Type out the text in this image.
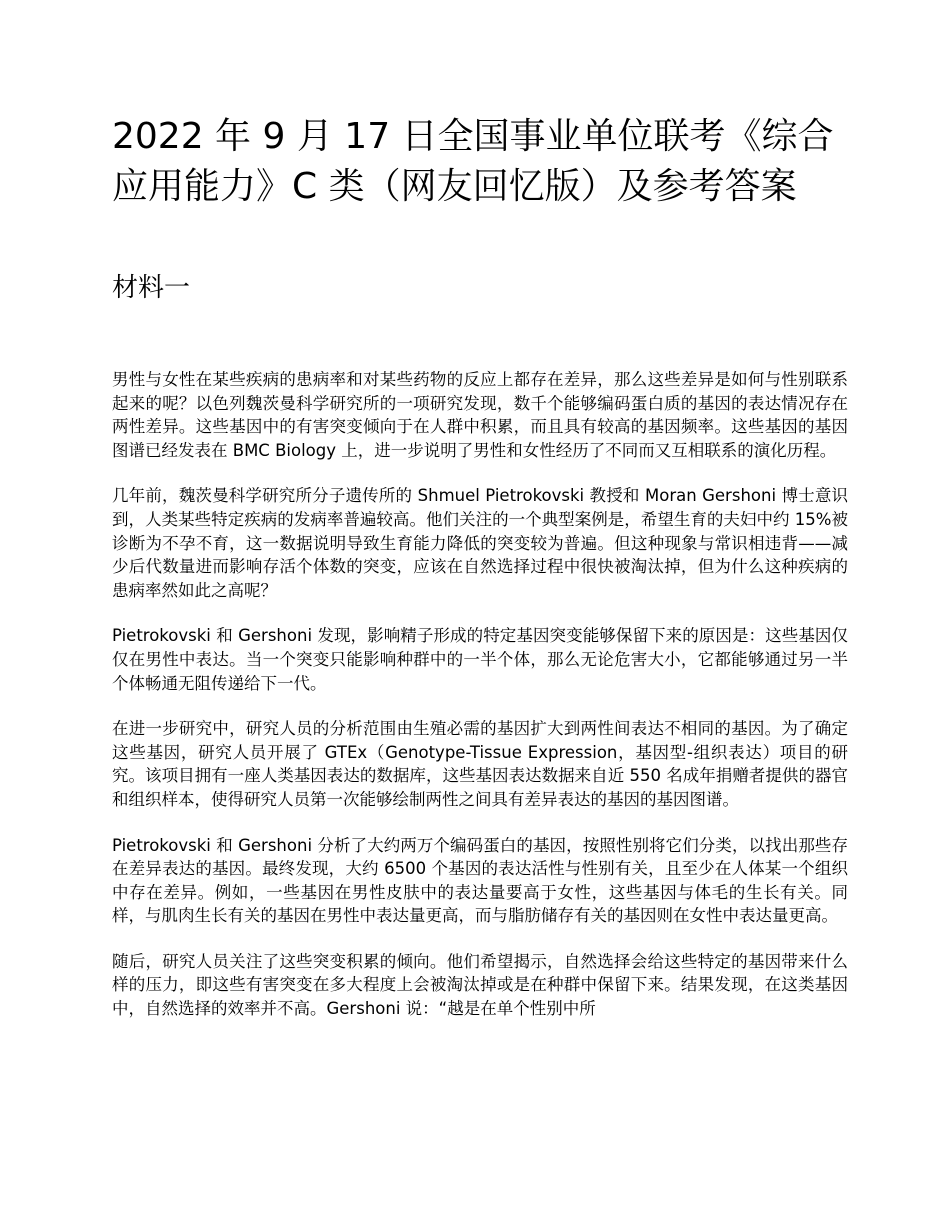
2022 年 9 月 17 日全国事业单位联考《综合应用能力》C 类（网友回忆版）及参考答案
材料一

男性与女性在某些疾病的患病率和对某些药物的反应上都存在差异，那么这些差异是如何与性别联系起来的呢？以色列魏茨曼科学研究所的一项研究发现，数千个能够编码蛋白质的基因的表达情况存在两性差异。这些基因中的有害突变倾向于在人群中积累，而且具有较高的基因频率。这些基因的基因图谱已经发表在 BMC Biology 上，进一步说明了男性和女性经历了不同而又互相联系的演化历程。

几年前，魏茨曼科学研究所分子遗传所的 Shmuel Pietrokovski 教授和 Moran Gershoni 博士意识到，人类某些特定疾病的发病率普遍较高。他们关注的一个典型案例是，希望生育的夫妇中约 15%被诊断为不孕不育，这一数据说明导致生育能力降低的突变较为普遍。但这种现象与常识相违背——减少后代数量进而影响存活个体数的突变，应该在自然选择过程中很快被淘汰掉，但为什么这种疾病的患病率然如此之高呢？

Pietrokovski 和 Gershoni 发现，影响精子形成的特定基因突变能够保留下来的原因是：这些基因仅仅在男性中表达。当一个突变只能影响种群中的一半个体，那么无论危害大小，它都能够通过另一半个体畅通无阻传递给下一代。

在进一步研究中，研究人员的分析范围由生殖必需的基因扩大到两性间表达不相同的基因。为了确定这些基因，研究人员开展了 GTEx（Genotype-Tissue Expression，基因型-组织表达）项目的研究。该项目拥有一座人类基因表达的数据库，这些基因表达数据来自近 550 名成年捐赠者提供的器官和组织样本，使得研究人员第一次能够绘制两性之间具有差异表达的基因的基因图谱。

Pietrokovski 和 Gershoni 分析了大约两万个编码蛋白的基因，按照性别将它们分类，以找出那些存在差异表达的基因。最终发现，大约 6500 个基因的表达活性与性别有关，且至少在人体某一个组织中存在差异。例如，一些基因在男性皮肤中的表达量要高于女性，这些基因与体毛的生长有关。同样，与肌肉生长有关的基因在男性中表达量更高，而与脂肪储存有关的基因则在女性中表达量更高。

随后，研究人员关注了这些突变积累的倾向。他们希望揭示，自然选择会给这些特定的基因带来什么样的压力，即这些有害突变在多大程度上会被淘汰掉或是在种群中保留下来。结果发现，在这类基因中，自然选择的效率并不高。Gershoni 说：“越是在单个性别中所
